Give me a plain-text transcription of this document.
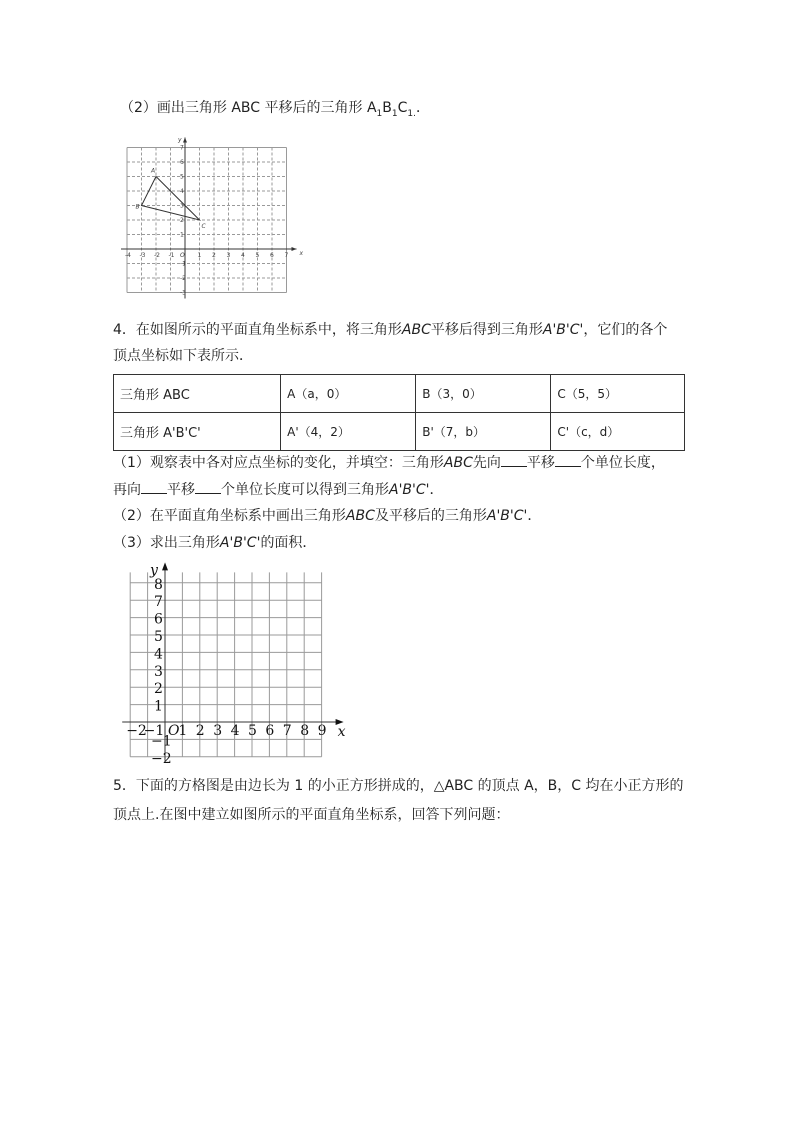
（2）画出三角形 ABC 平移后的三角形 $A_1B_1C_{1.}$．
x
y
O
-4 -3 -2 -1	1 2 3 4 5 6 7
7
6
5
4
3
2
1
-1
-2
-3
A
B
C
4．在如图所示的平面直角坐标系中，将三角形ABC平移后得到三角形A'B'C'，它们的各个
顶点坐标如下表所示．
三角形 ABC	A（a，0）	B（3，0）	C（5，5）
三角形 A'B'C'	A'（4，2）	B'（7，b）	C'（c，d）
（1）观察表中各对应点坐标的变化，并填空：三角形ABC先向 平移 个单位长度，
再向 平移 个单位长度可以得到三角形A'B'C'．
（2）在平面直角坐标系中画出三角形ABC及平移后的三角形A'B'C'．
（3）求出三角形A'B'C'的面积．
x
y
O
−2
−1 1 2 3 4 5 6 7 8 9
8
7
6
5
4
3
2
1
−1
−2
5．下面的方格图是由边长为 1 的小正方形拼成的，△ABC 的顶点 A，B，C 均在小正方形的
顶点上.在图中建立如图所示的平面直角坐标系，回答下列问题：
